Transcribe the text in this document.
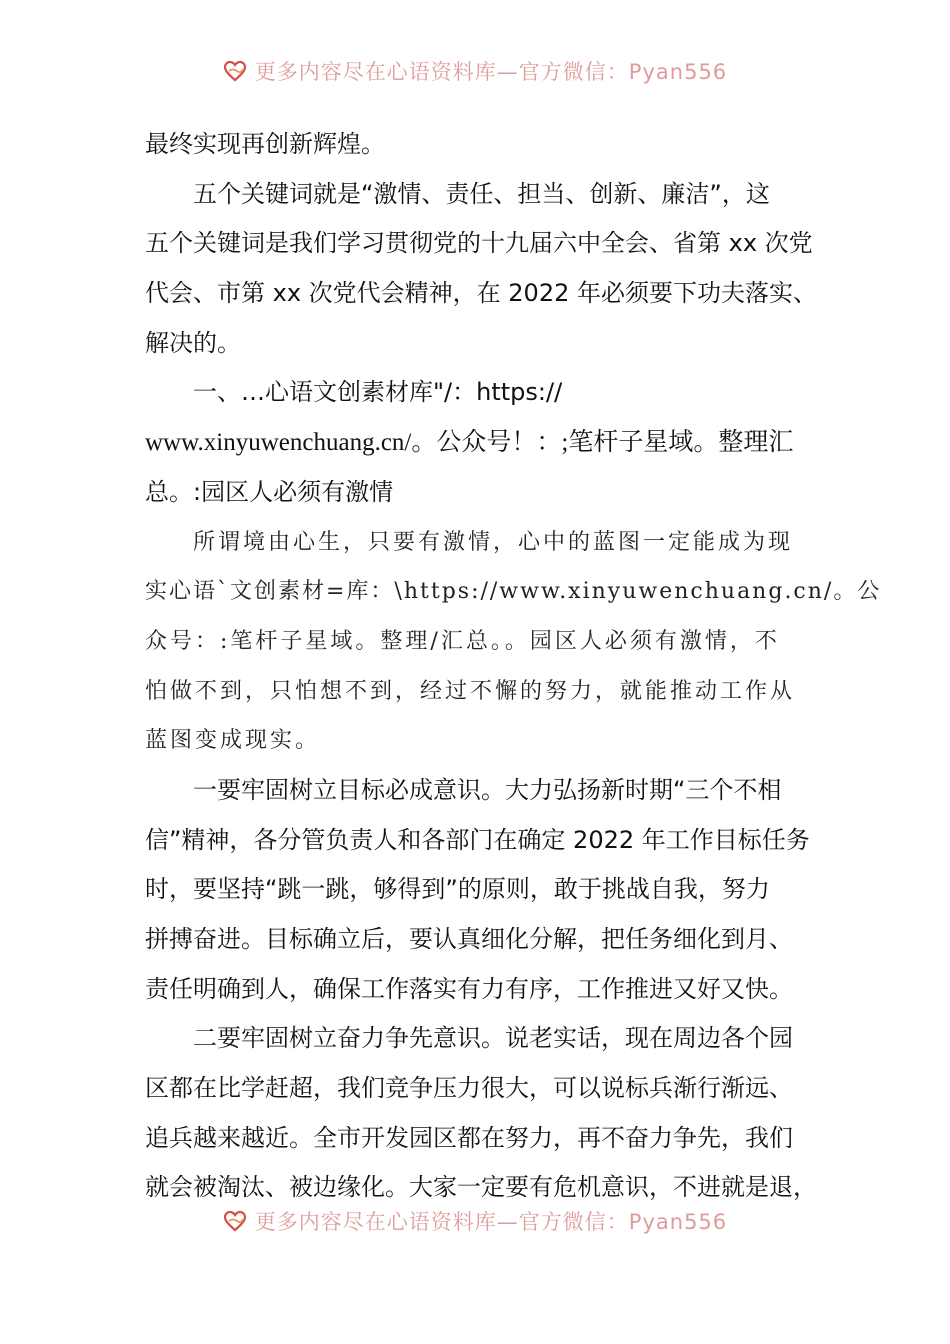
更多内容尽在心语资料库—官方微信：Pyan556
最终实现再创新辉煌。
五个关键词就是“激情、责任、担当、创新、廉洁”，这
五个关键词是我们学习贯彻党的十九届六中全会、省第 xx 次党
代会、市第 xx 次党代会精神，在 2022 年必须要下功夫落实、
解决的。
一、…心语文创素材库"/：https://
www.xinyuwenchuang.cn/。公众号！：;笔杆子星域。整理汇
总。:园区人必须有激情
所谓境由心生，只要有激情，心中的蓝图一定能成为现
实心语`文创素材=库：\https://www.xinyuwenchuang.cn/。公
众号：:笔杆子星域。整理/汇总。。园区人必须有激情，不
怕做不到，只怕想不到，经过不懈的努力，就能推动工作从
蓝图变成现实。
一要牢固树立目标必成意识。大力弘扬新时期“三个不相
信”精神，各分管负责人和各部门在确定 2022 年工作目标任务
时，要坚持“跳一跳，够得到”的原则，敢于挑战自我，努力
拼搏奋进。目标确立后，要认真细化分解，把任务细化到月、
责任明确到人，确保工作落实有力有序，工作推进又好又快。
二要牢固树立奋力争先意识。说老实话，现在周边各个园
区都在比学赶超，我们竞争压力很大，可以说标兵渐行渐远、
追兵越来越近。全市开发园区都在努力，再不奋力争先，我们
就会被淘汰、被边缘化。大家一定要有危机意识，不进就是退，
更多内容尽在心语资料库—官方微信：Pyan556
